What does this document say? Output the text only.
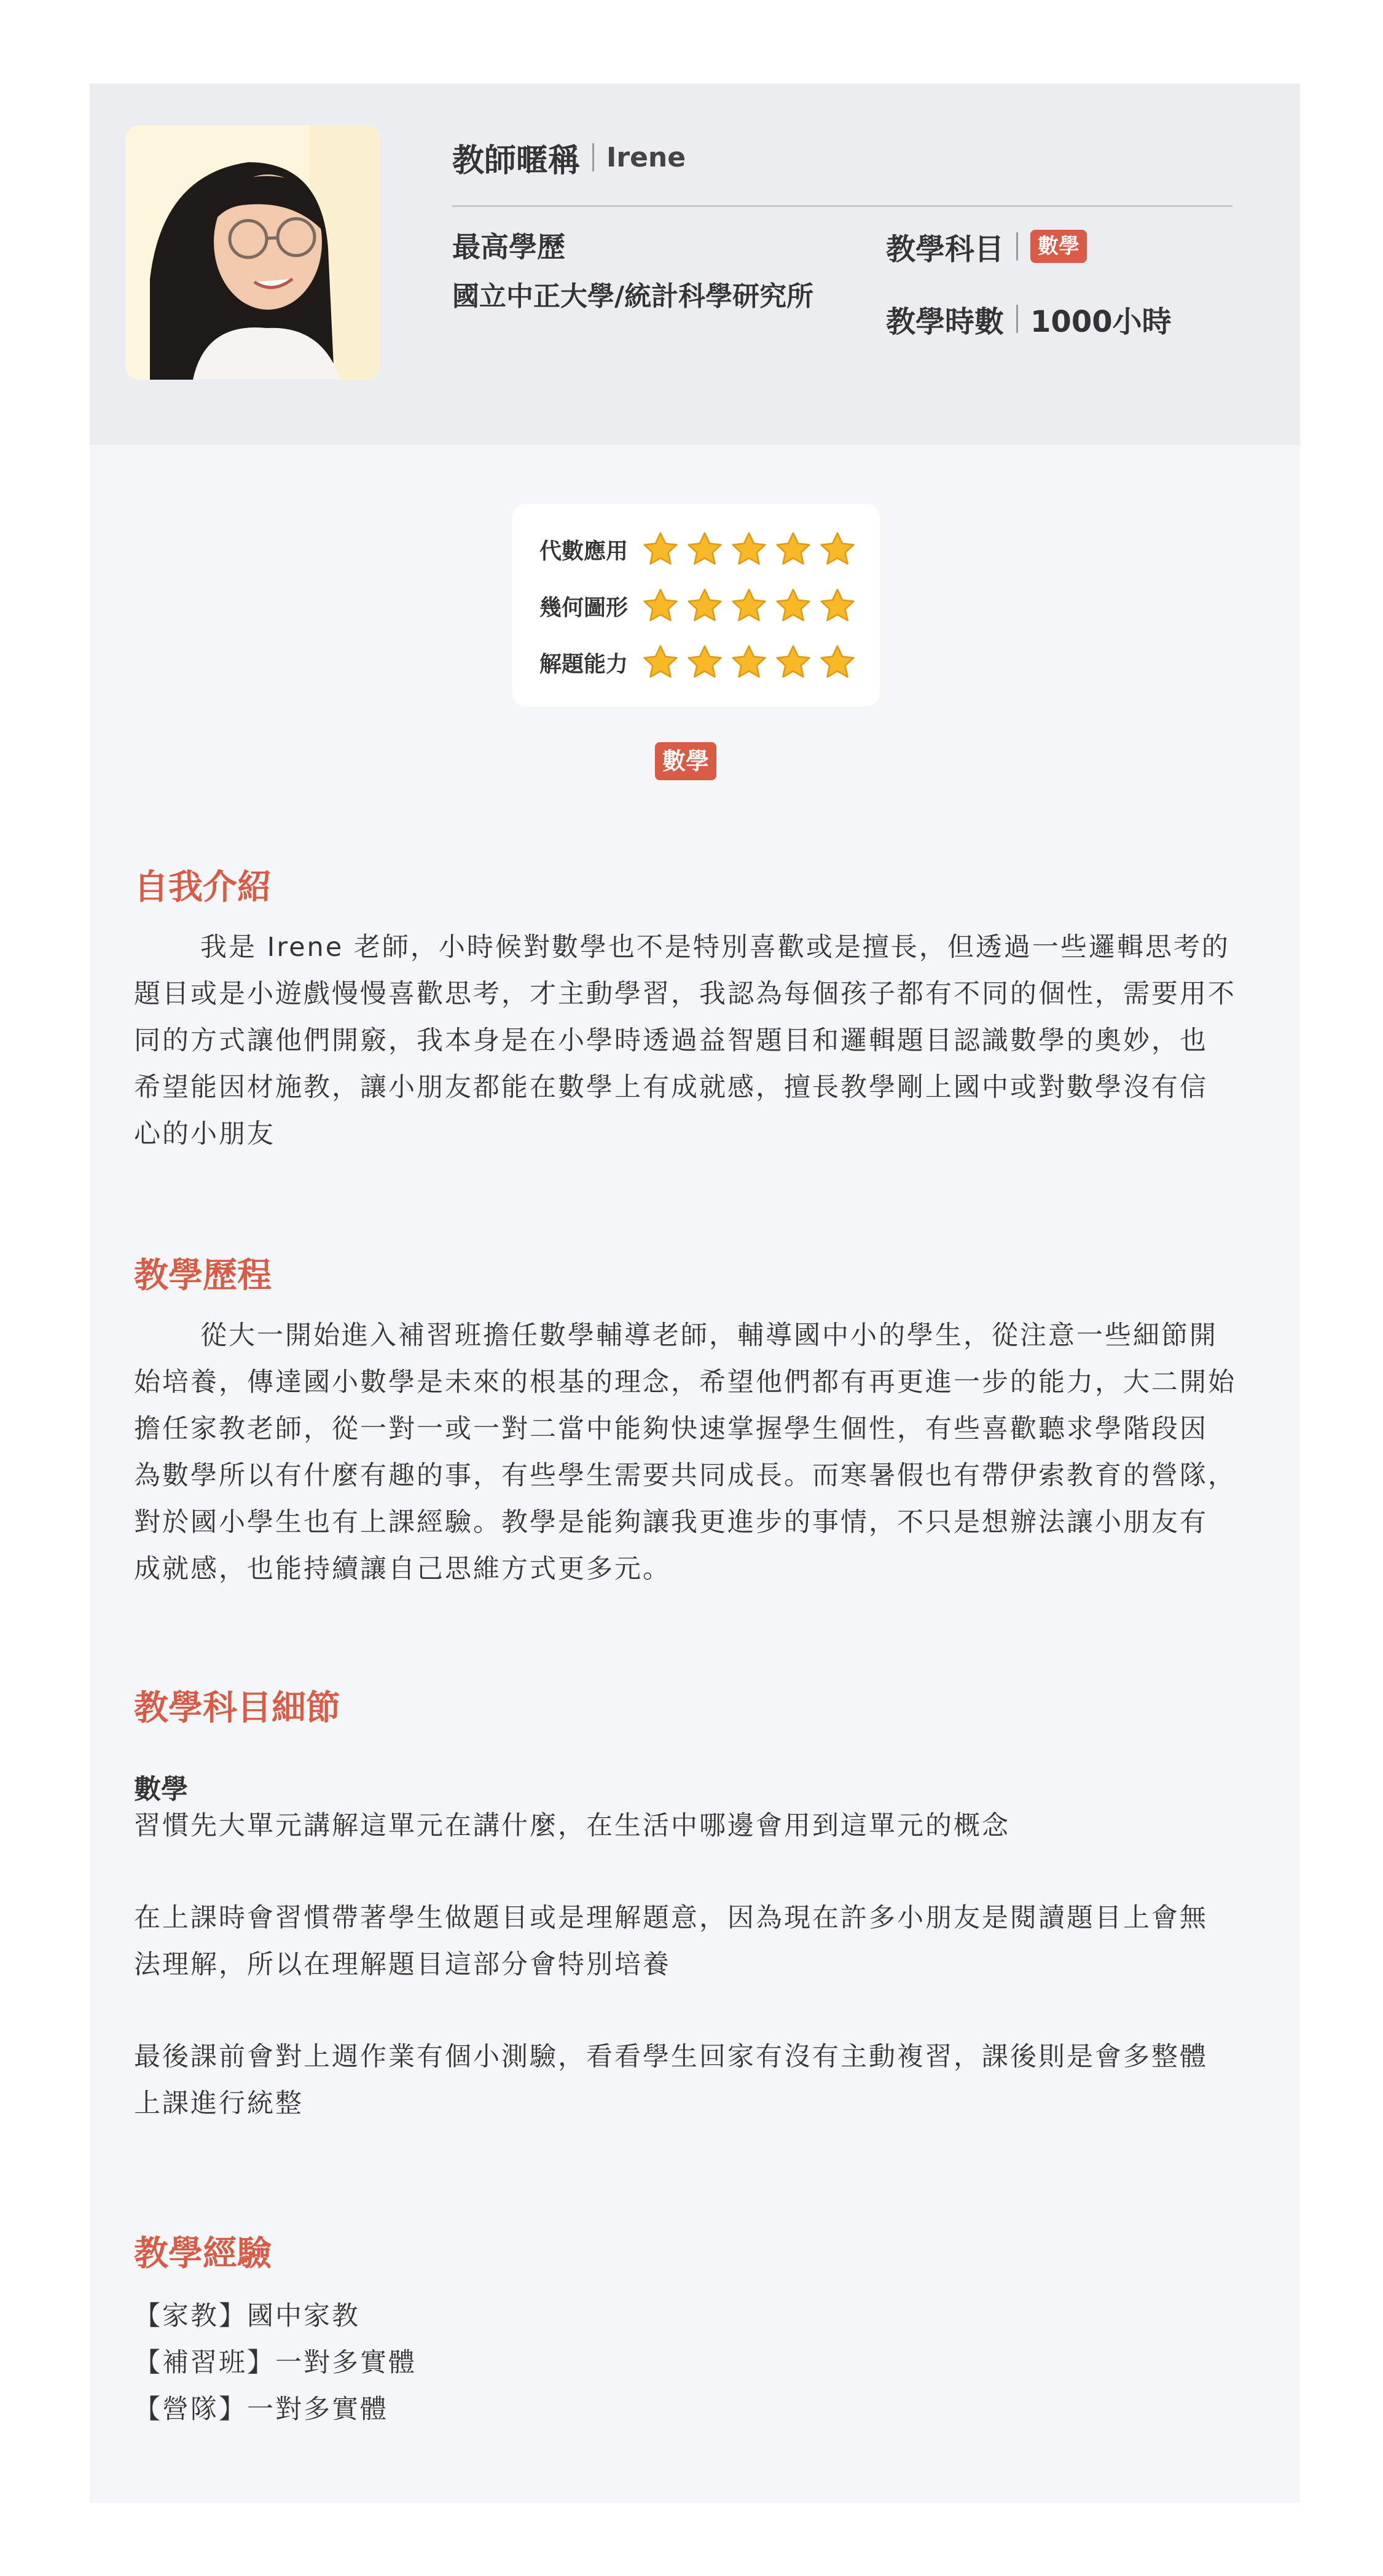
教師暱稱 Irene
最高學歷
國立中正大學/統計科學研究所
教學科目	數學
教學時數 1000小時
代數應用
幾何圖形
解題能力
數學
自我介紹
我是 Irene 老師，小時候對數學也不是特別喜歡或是擅長，但透過一些邏輯思考的
題目或是小遊戲慢慢喜歡思考，才主動學習，我認為每個孩子都有不同的個性，需要用不
同的方式讓他們開竅，我本身是在小學時透過益智題目和邏輯題目認識數學的奧妙，也
希望能因材施教，讓小朋友都能在數學上有成就感，擅長教學剛上國中或對數學沒有信
心的小朋友
教學歷程
從大一開始進入補習班擔任數學輔導老師，輔導國中小的學生，從注意一些細節開
始培養，傳達國小數學是未來的根基的理念，希望他們都有再更進一步的能力，大二開始
擔任家教老師，從一對一或一對二當中能夠快速掌握學生個性，有些喜歡聽求學階段因
為數學所以有什麼有趣的事，有些學生需要共同成長。而寒暑假也有帶伊索教育的營隊，
對於國小學生也有上課經驗。教學是能夠讓我更進步的事情，不只是想辦法讓小朋友有
成就感，也能持續讓自己思維方式更多元。
教學科目細節
數學
習慣先大單元講解這單元在講什麼，在生活中哪邊會用到這單元的概念
在上課時會習慣帶著學生做題目或是理解題意，因為現在許多小朋友是閱讀題目上會無
法理解，所以在理解題目這部分會特別培養
最後課前會對上週作業有個小測驗，看看學生回家有沒有主動複習，課後則是會多整體
上課進行統整
教學經驗
【家教】國中家教
【補習班】一對多實體
【營隊】一對多實體
